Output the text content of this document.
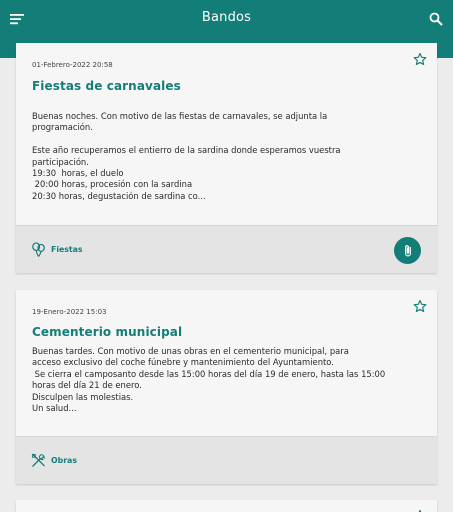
Bandos
01-Febrero-2022 20:58
Fiestas de carnavales
Buenas noches. Con motivo de las fiestas de carnavales, se adjunta la
programación.

Este año recuperamos el entierro de la sardina donde esperamos vuestra
participación.
19:30  horas, el duelo
20:00 horas, procesión con la sardina
20:30 horas, degustación de sardina co...
Fiestas
19-Enero-2022 15:03
Cementerio municipal
Buenas tardes. Con motivo de unas obras en el cementerio municipal, para
acceso exclusivo del coche fúnebre y mantenimiento del Ayuntamiento.
Se cierra el camposanto desde las 15:00 horas del día 19 de enero, hasta las 15:00
horas del día 21 de enero.
Disculpen las molestias.
Un salud...
Obras
